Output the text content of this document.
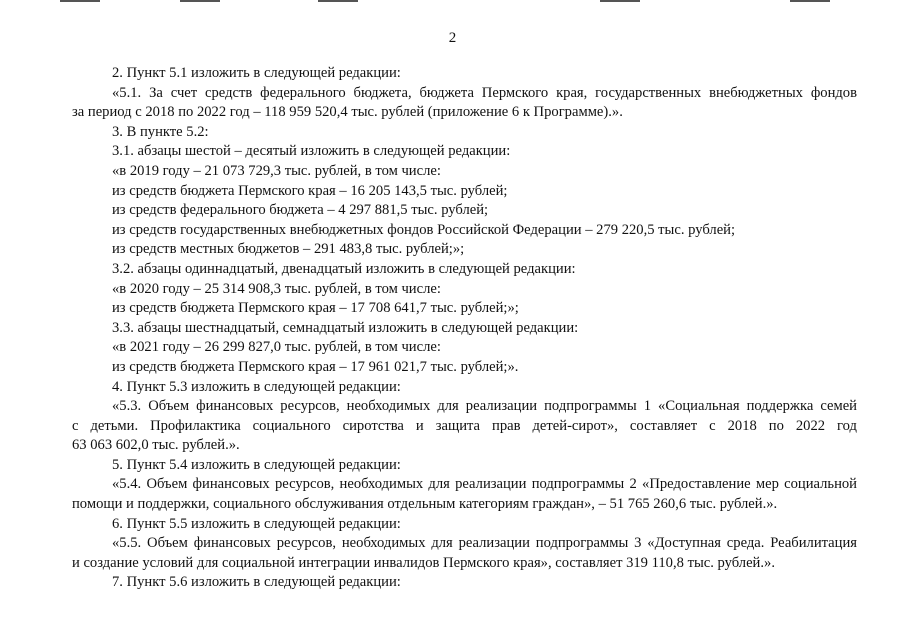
2

2. Пункт 5.1 изложить в следующей редакции:

«5.1. За счет средств федерального бюджета, бюджета Пермского края, государственных внебюджетных фондов
за период с 2018 по 2022 год – 118 959 520,4 тыс. рублей (приложение 6 к Программе).».

3. В пункте 5.2:

3.1. абзацы шестой – десятый изложить в следующей редакции:

«в 2019 году – 21 073 729,3 тыс. рублей, в том числе:

из средств бюджета Пермского края – 16 205 143,5 тыс. рублей;

из средств федерального бюджета – 4 297 881,5 тыс. рублей;

из средств государственных внебюджетных фондов Российской Федерации – 279 220,5 тыс. рублей;

из средств местных бюджетов – 291 483,8 тыс. рублей;»;

3.2. абзацы одиннадцатый, двенадцатый изложить в следующей редакции:

«в 2020 году – 25 314 908,3 тыс. рублей, в том числе:

из средств бюджета Пермского края – 17 708 641,7 тыс. рублей;»;

3.3. абзацы шестнадцатый, семнадцатый изложить в следующей редакции:

«в 2021 году – 26 299 827,0 тыс. рублей, в том числе:

из средств бюджета Пермского края – 17 961 021,7 тыс. рублей;».

4. Пункт 5.3 изложить в следующей редакции:

«5.3. Объем финансовых ресурсов, необходимых для реализации подпрограммы 1 «Социальная поддержка семей
с детьми. Профилактика социального сиротства и защита прав детей-сирот», составляет с 2018 по 2022 год
63 063 602,0 тыс. рублей.».

5. Пункт 5.4 изложить в следующей редакции:

«5.4. Объем финансовых ресурсов, необходимых для реализации подпрограммы 2 «Предоставление мер социальной
помощи и поддержки, социального обслуживания отдельным категориям граждан», – 51 765 260,6 тыс. рублей.».

6. Пункт 5.5 изложить в следующей редакции:

«5.5. Объем финансовых ресурсов, необходимых для реализации подпрограммы 3 «Доступная среда. Реабилитация
и создание условий для социальной интеграции инвалидов Пермского края», составляет 319 110,8 тыс. рублей.».

7. Пункт 5.6 изложить в следующей редакции:
